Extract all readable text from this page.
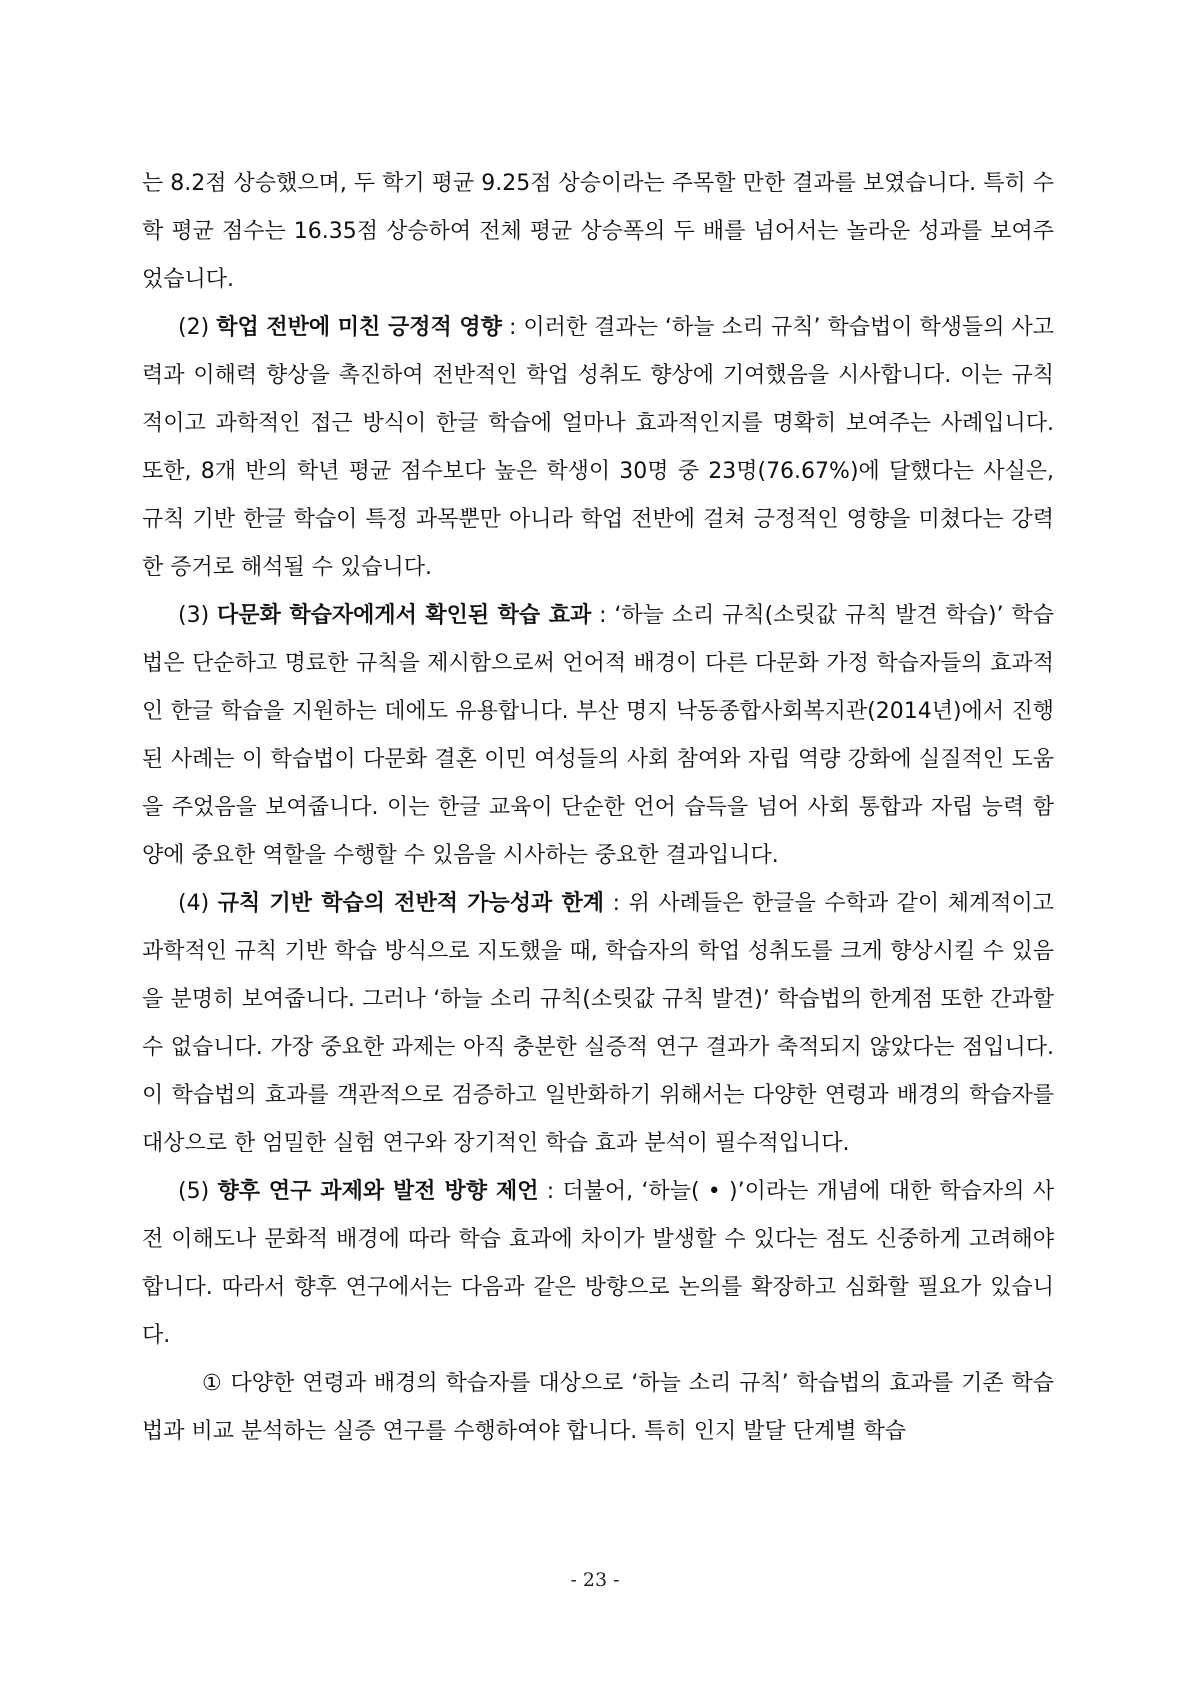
는 8.2점 상승했으며, 두 학기 평균 9.25점 상승이라는 주목할 만한 결과를 보였습니다. 특히 수학 평균 점수는 16.35점 상승하여 전체 평균 상승폭의 두 배를 넘어서는 놀라운 성과를 보여주었습니다.

(2) 학업 전반에 미친 긍정적 영향 : 이러한 결과는 ‘하늘 소리 규칙’ 학습법이 학생들의 사고력과 이해력 향상을 촉진하여 전반적인 학업 성취도 향상에 기여했음을 시사합니다. 이는 규칙적이고 과학적인 접근 방식이 한글 학습에 얼마나 효과적인지를 명확히 보여주는 사례입니다. 또한, 8개 반의 학년 평균 점수보다 높은 학생이 30명 중 23명(76.67%)에 달했다는 사실은, 규칙 기반 한글 학습이 특정 과목뿐만 아니라 학업 전반에 걸쳐 긍정적인 영향을 미쳤다는 강력한 증거로 해석될 수 있습니다.

(3) 다문화 학습자에게서 확인된 학습 효과 : ‘하늘 소리 규칙(소릿값 규칙 발견 학습)’ 학습법은 단순하고 명료한 규칙을 제시함으로써 언어적 배경이 다른 다문화 가정 학습자들의 효과적인 한글 학습을 지원하는 데에도 유용합니다. 부산 명지 낙동종합사회복지관(2014년)에서 진행된 사례는 이 학습법이 다문화 결혼 이민 여성들의 사회 참여와 자립 역량 강화에 실질적인 도움을 주었음을 보여줍니다. 이는 한글 교육이 단순한 언어 습득을 넘어 사회 통합과 자립 능력 함양에 중요한 역할을 수행할 수 있음을 시사하는 중요한 결과입니다.

(4) 규칙 기반 학습의 전반적 가능성과 한계 : 위 사례들은 한글을 수학과 같이 체계적이고 과학적인 규칙 기반 학습 방식으로 지도했을 때, 학습자의 학업 성취도를 크게 향상시킬 수 있음을 분명히 보여줍니다. 그러나 ‘하늘 소리 규칙(소릿값 규칙 발견)’ 학습법의 한계점 또한 간과할 수 없습니다. 가장 중요한 과제는 아직 충분한 실증적 연구 결과가 축적되지 않았다는 점입니다. 이 학습법의 효과를 객관적으로 검증하고 일반화하기 위해서는 다양한 연령과 배경의 학습자를 대상으로 한 엄밀한 실험 연구와 장기적인 학습 효과 분석이 필수적입니다.

(5) 향후 연구 과제와 발전 방향 제언 : 더불어, ‘하늘( • )’이라는 개념에 대한 학습자의 사전 이해도나 문화적 배경에 따라 학습 효과에 차이가 발생할 수 있다는 점도 신중하게 고려해야 합니다. 따라서 향후 연구에서는 다음과 같은 방향으로 논의를 확장하고 심화할 필요가 있습니다.

① 다양한 연령과 배경의 학습자를 대상으로 ‘하늘 소리 규칙’ 학습법의 효과를 기존 학습법과 비교 분석하는 실증 연구를 수행하여야 합니다. 특히 인지 발달 단계별 학습

- 23 -
